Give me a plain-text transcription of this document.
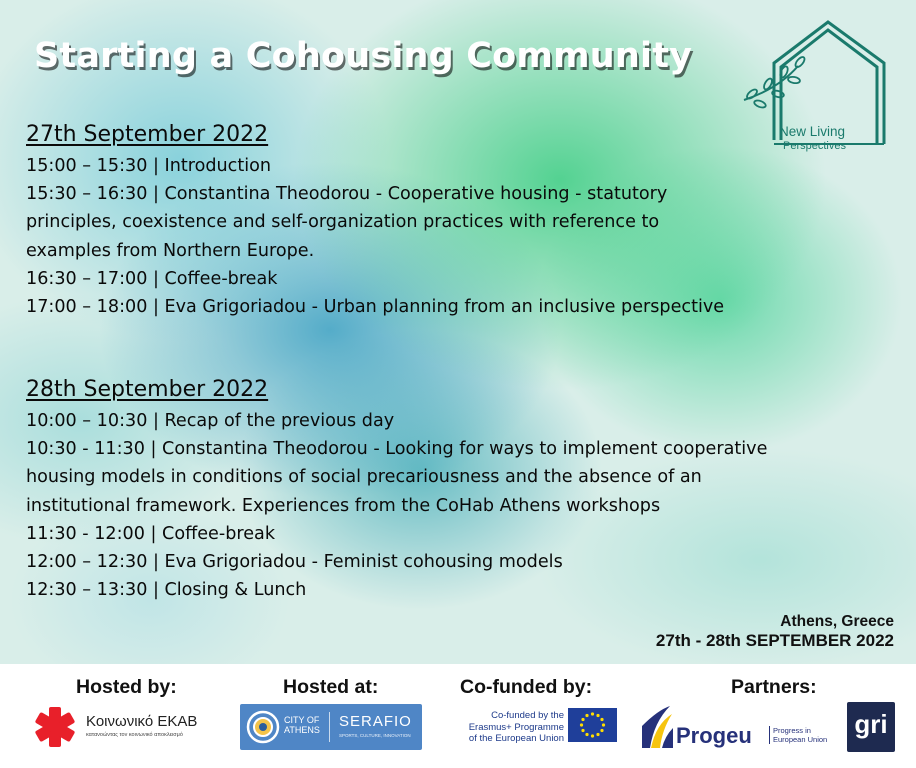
Starting a Cohousing Community
New Living
Perspectives
27th September 2022
15:00 – 15:30 | Introduction
15:30 – 16:30 | Constantina Theodorou - Cooperative housing - statutory
principles, coexistence and self-organization practices with reference to
examples from Northern Europe.
16:30 – 17:00 | Coffee-break
17:00 – 18:00 | Eva Grigoriadou - Urban planning from an inclusive perspective
28th September 2022
10:00 – 10:30 | Recap of the previous day
10:30 - 11:30 | Constantina Theodorou - Looking for ways to implement cooperative
housing models in conditions of social precariousness and the absence of an
institutional framework. Experiences from the CoHab Athens workshops
11:30 - 12:00 | Coffee-break
12:00 – 12:30 | Eva Grigoriadou - Feminist cohousing models
12:30 – 13:30 | Closing & Lunch
Athens, Greece
27th - 28th SEPTEMBER 2022
Hosted by:	Hosted at:	Co-funded by:	Partners:
Κοινωνικό ΕΚΑΒ
κατανοώντας τον κοινωνικό αποκλεισμό
CITY OF
ATHENS SERAFIO
SPORTS, CULTURE, INNOVATION
Co-funded by the
Erasmus+ Programme
of the European Union	Progeu	Progress in
European Union
gri
